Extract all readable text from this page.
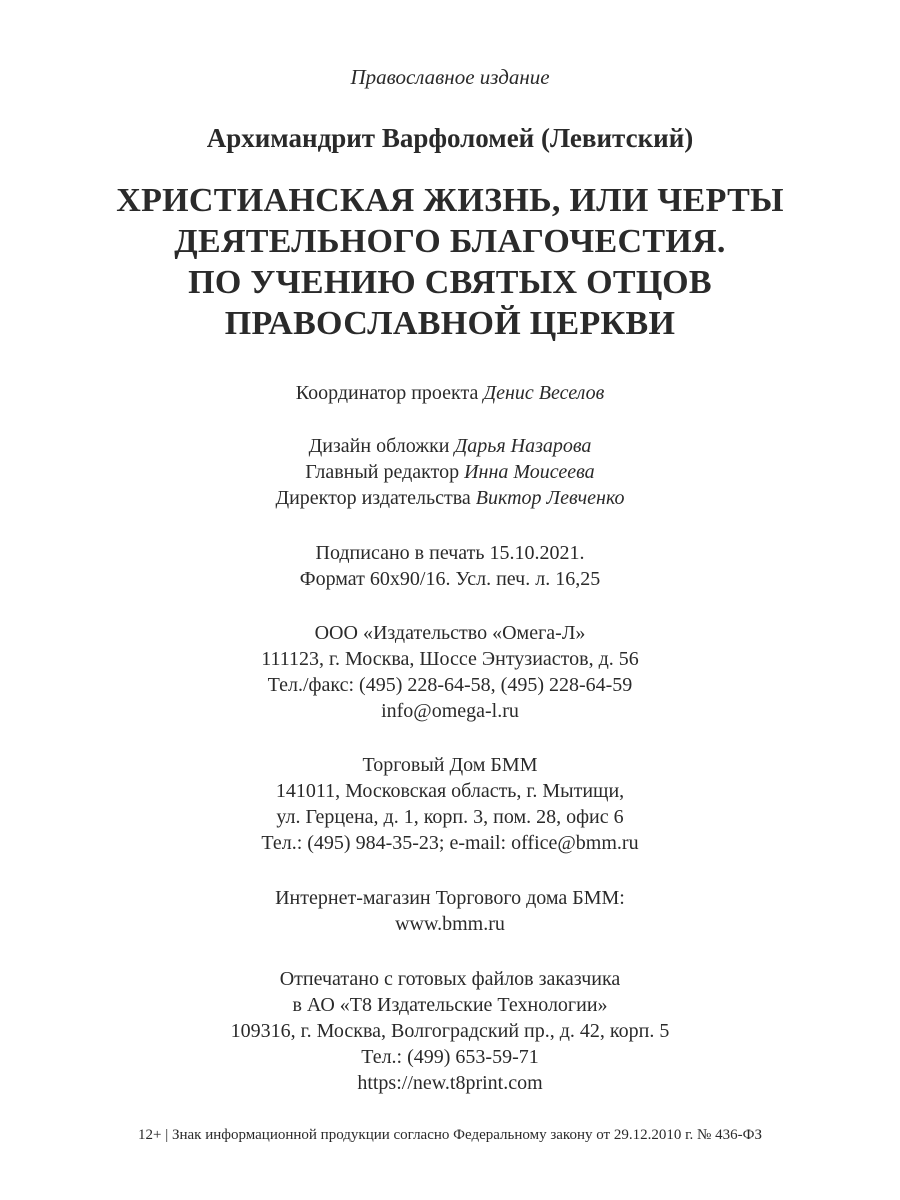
Православное издание
Архимандрит Варфоломей (Левитский)
ХРИСТИАНСКАЯ ЖИЗНЬ, ИЛИ ЧЕРТЫ
ДЕЯТЕЛЬНОГО БЛАГОЧЕСТИЯ.
ПО УЧЕНИЮ СВЯТЫХ ОТЦОВ
ПРАВОСЛАВНОЙ ЦЕРКВИ
Координатор проекта Денис Веселов
Дизайн обложки Дарья Назарова
Главный редактор Инна Моисеева
Директор издательства Виктор Левченко
Подписано в печать 15.10.2021.
Формат 60x90/16. Усл. печ. л. 16,25
ООО «Издательство «Омега-Л»
111123, г. Москва, Шоссе Энтузиастов, д. 56
Тел./факс: (495) 228-64-58, (495) 228-64-59
info@omega-l.ru
Торговый Дом БММ
141011, Московская область, г. Мытищи,
ул. Герцена, д. 1, корп. 3, пом. 28, офис 6
Тел.: (495) 984-35-23; e-mail: office@bmm.ru
Интернет-магазин Торгового дома БММ:
www.bmm.ru
Отпечатано с готовых файлов заказчика
в АО «Т8 Издательские Технологии»
109316, г. Москва, Волгоградский пр., д. 42, корп. 5
Тел.: (499) 653-59-71
https://new.t8print.com
12+ | Знак информационной продукции согласно Федеральному закону от 29.12.2010 г. № 436-ФЗ
